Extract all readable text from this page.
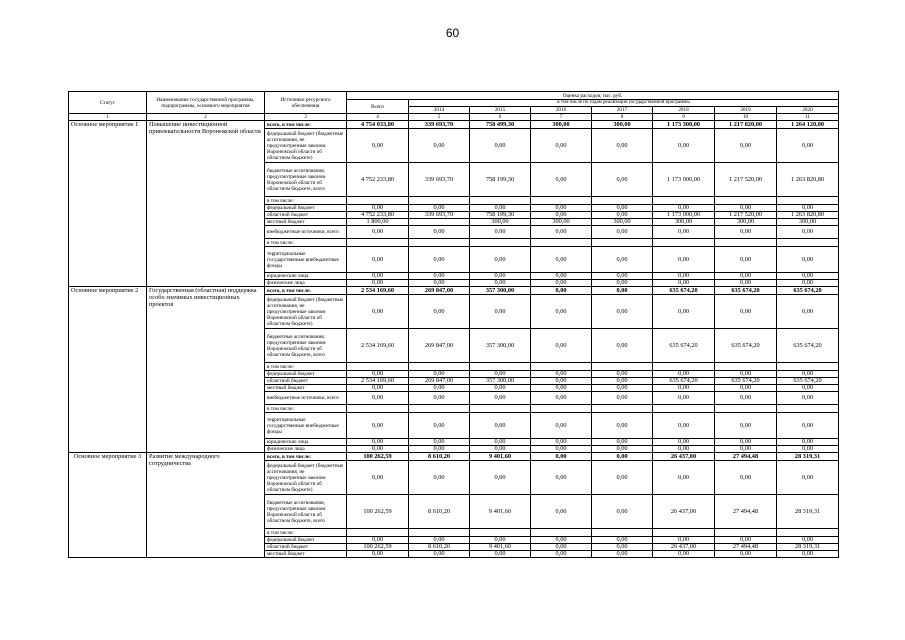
60
Статус	Наименование государственной программы, подпрограммы, основного мероприятия	Источники ресурсного обеспечения	Оценка расходов, тыс. руб.							
			Всего	в том числе по годам реализации государственной программы						
				2014	2015	2016	2017	2018	2019	2020
1	2	3	4	5	6	7	8	9	10	11
Основное мероприятие 1	Повышение инвестиционной привлекательности Воронежской области	всего, в том числе:	4 754 033,80	339 693,70	758 499,30	300,00	300,00	1 173 300,00	1 217 820,00	1 264 120,80
		федеральный бюджет (бюджетные ассигнования, не предусмотренные законом Воронежской области об областном бюджете)	0,00	0,00	0,00	0,00	0,00	0,00	0,00	0,00
		бюджетные ассигнования, предусмотренные законом Воронежской области об областном бюджете, всего	4 752 233,80	339 693,70	758 199,30	0,00	0,00	1 173 000,00	1 217 520,00	1 263 820,80
		в том числе:								
		федеральный бюджет	0,00	0,00	0,00	0,00	0,00	0,00	0,00	0,00
		областной бюджет	4 752 233,80	339 693,70	758 199,30	0,00	0,00	1 173 000,00	1 217 520,00	1 263 820,80
		местный бюджет	1 800,00		300,00	300,00	300,00	300,00	300,00	300,00
		внебюджетные источники, всего	0,00	0,00	0,00	0,00	0,00	0,00	0,00	0,00
		в том числе:								
		территориальные государственные внебюджетные фонды	0,00	0,00	0,00	0,00	0,00	0,00	0,00	0,00
		юридические лица	0,00	0,00	0,00	0,00	0,00	0,00	0,00	0,00
		физические лица	0,00	0,00	0,00	0,00	0,00	0,00	0,00	0,00
Основное мероприятие 2	Государственная (областная) поддержка особо значимых инвестиционных проектов	всего, в том числе:	2 534 169,60	269 847,00	357 300,00	0,00	0,00	635 674,20	635 674,20	635 674,20
		федеральный бюджет (бюджетные ассигнования, не предусмотренные законом Воронежской области об областном бюджете)	0,00	0,00	0,00	0,00	0,00	0,00	0,00	0,00
		бюджетные ассигнования, предусмотренные законом Воронежской области об областном бюджете, всего	2 534 169,60	269 847,00	357 300,00	0,00	0,00	635 674,20	635 674,20	635 674,20
		в том числе:								
		федеральный бюджет	0,00	0,00	0,00	0,00	0,00	0,00	0,00	0,00
		областной бюджет	2 534 169,60	269 847,00	357 300,00	0,00	0,00	635 674,20	635 674,20	635 674,20
		местный бюджет	0,00	0,00	0,00	0,00	0,00	0,00	0,00	0,00
		внебюджетные источники, всего	0,00	0,00	0,00	0,00	0,00	0,00	0,00	0,00
		в том числе:								
		территориальные государственные внебюджетные фонды	0,00	0,00	0,00	0,00	0,00	0,00	0,00	0,00
		юридические лица	0,00	0,00	0,00	0,00	0,00	0,00	0,00	0,00
		физические лица	0,00	0,00	0,00	0,00	0,00	0,00	0,00	0,00
Основное мероприятие 3	Развитие международного сотрудничества	всего, в том числе:	100 262,59	8 610,20	9 401,60	0,00	0,00	26 437,00	27 494,48	28 319,31
		федеральный бюджет (бюджетные ассигнования, не предусмотренные законом Воронежской области об областном бюджете)	0,00	0,00	0,00	0,00	0,00	0,00	0,00	0,00
		бюджетные ассигнования, предусмотренные законом Воронежской области об областном бюджете, всего	100 262,59	8 610,20	9 401,60	0,00	0,00	26 437,00	27 494,48	28 319,31
		в том числе:								
		федеральный бюджет	0,00	0,00	0,00	0,00	0,00	0,00	0,00	0,00
		областной бюджет	100 262,59	8 610,20	9 401,60	0,00	0,00	26 437,00	27 494,48	28 319,31
		местный бюджет	0,00	0,00	0,00	0,00	0,00	0,00	0,00	0,00
